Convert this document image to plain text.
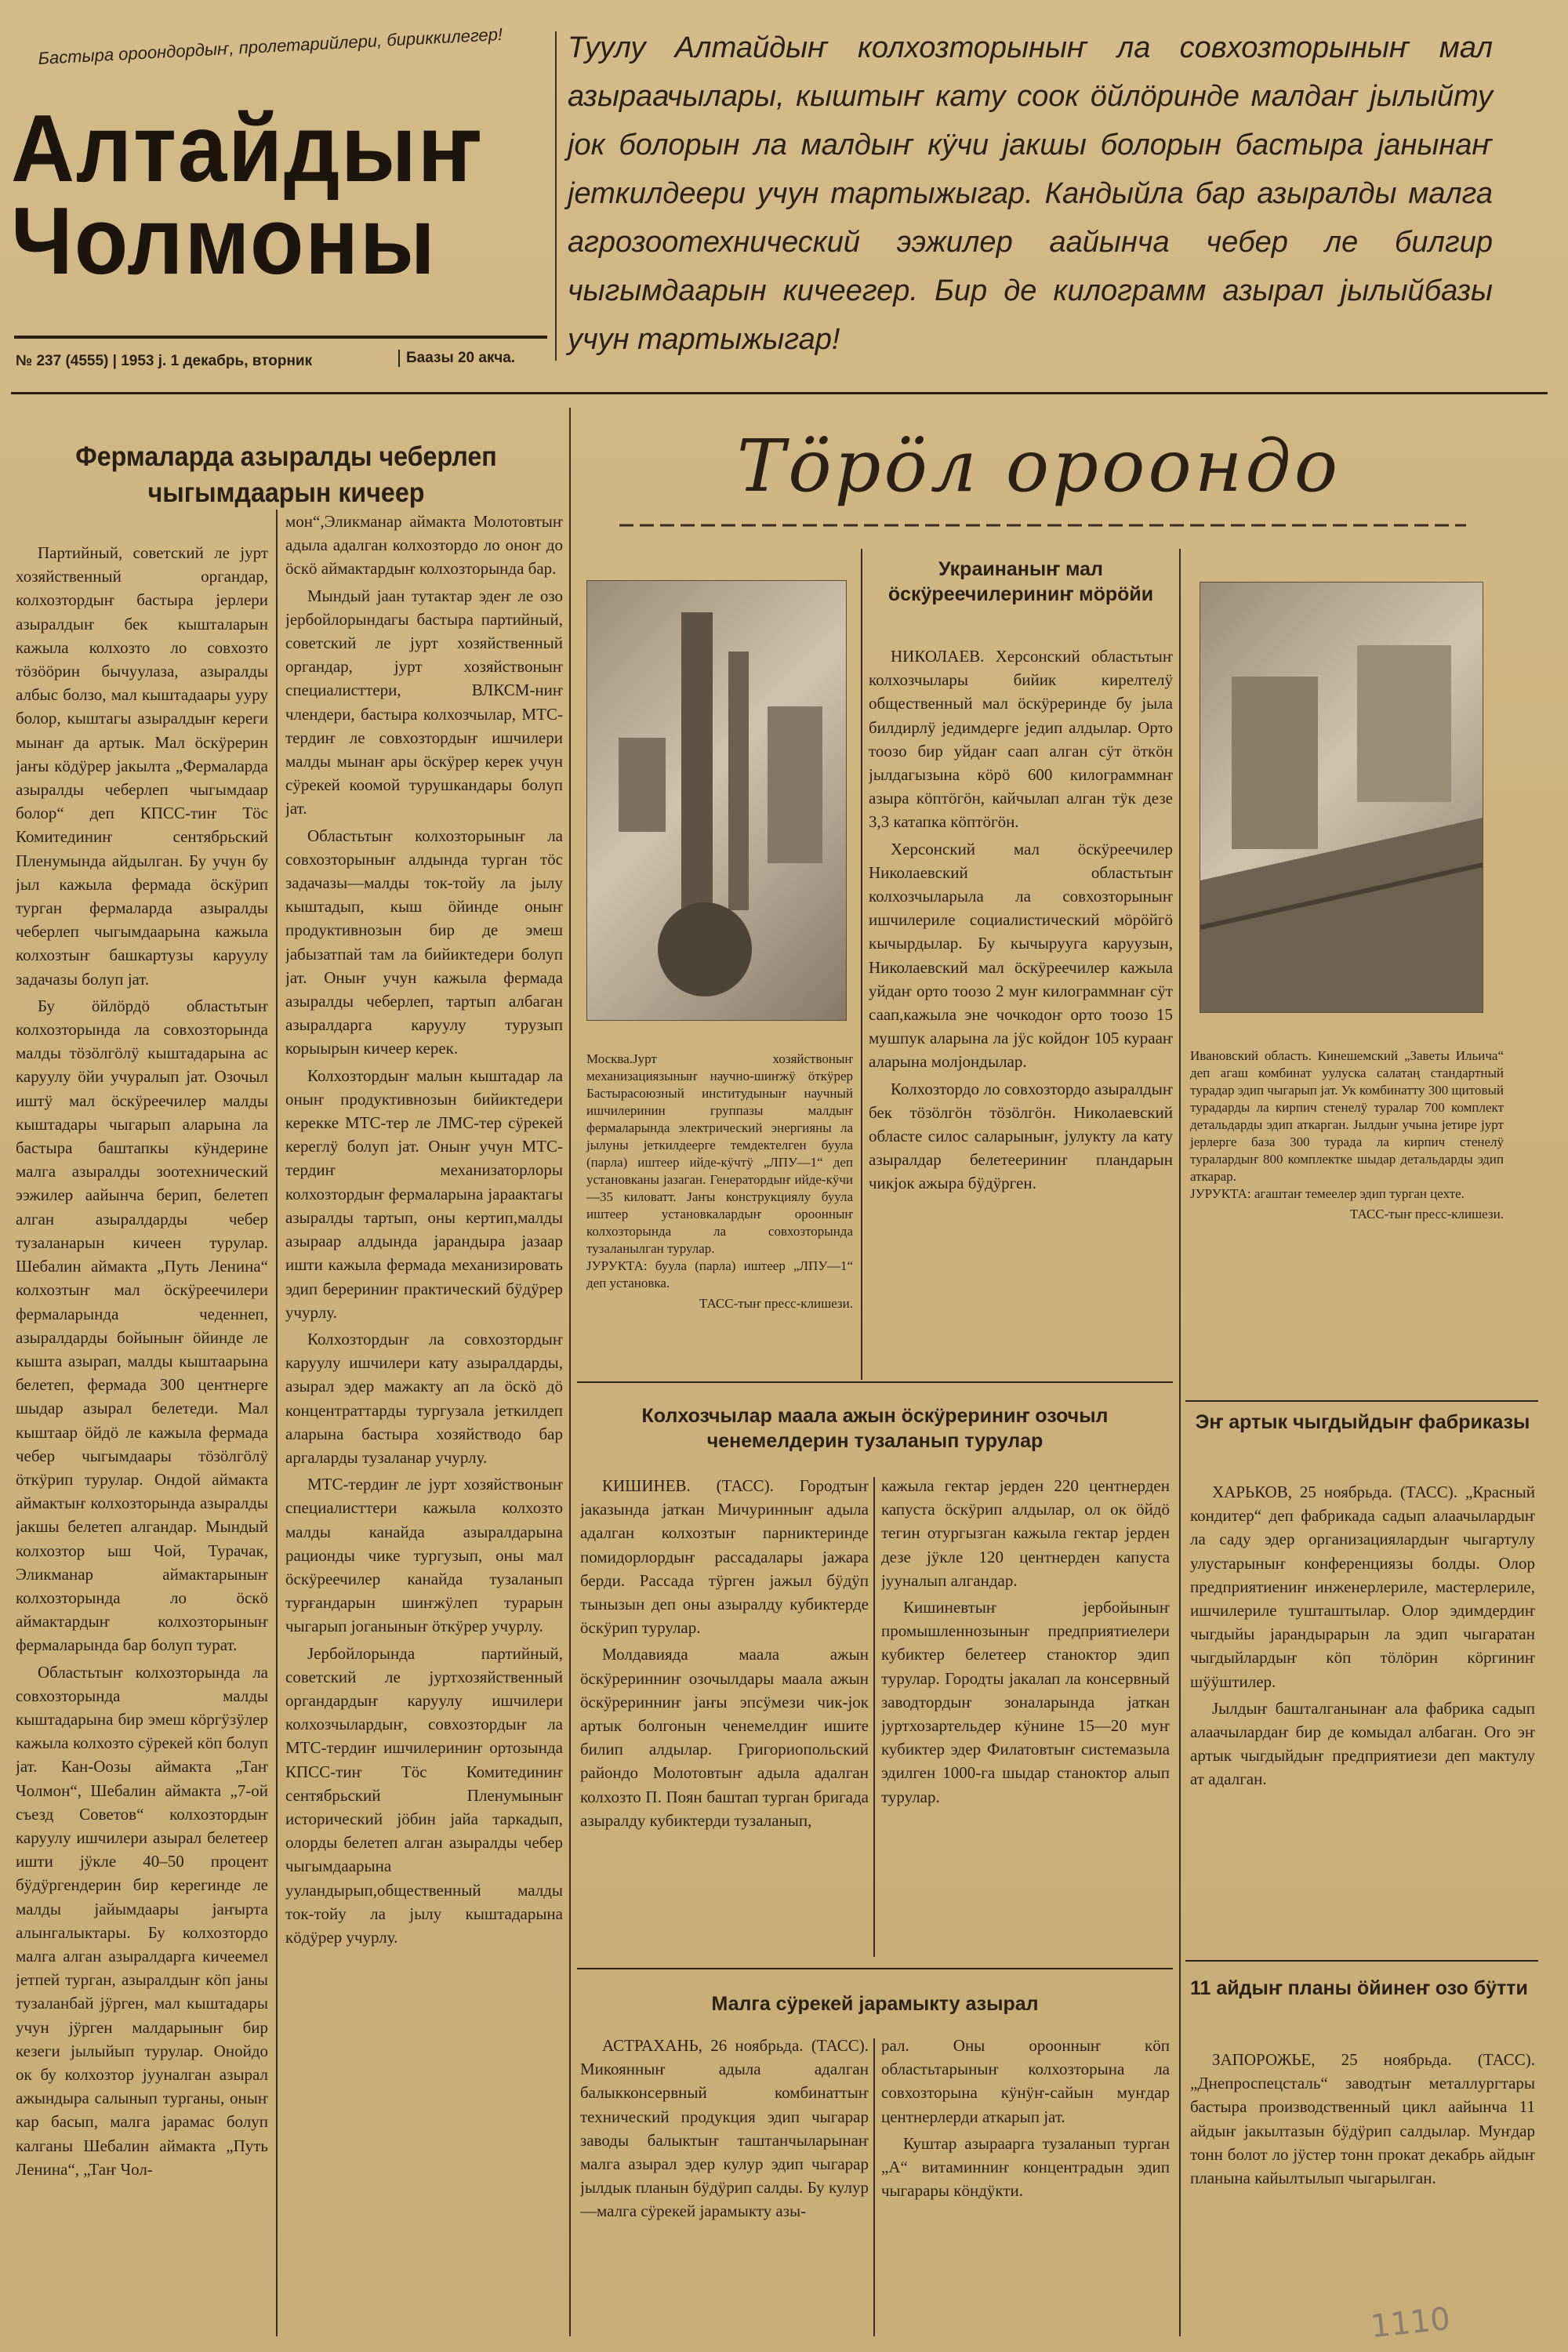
Бастыра ороондордыҥ, пролетарийлери, бириккилегер!
Алтайдыҥ
Чолмоны
№ 237 (4555) | 1953 ј. 1 декабрь, вторник	Баазы 20 акча.
Туулу Алтайдыҥ колхозторыныҥ ла совхозторыныҥ мал азыраачылары, кыштыҥ кату соок ӧйлӧринде малдаҥ јылыйту јок болорын ла малдыҥ кӱчи јакшы болорын бастыра јанынаҥ јеткилдеери учун тартыжыгар. Кандыйла бар азыралды малга агрозоотехнический ээжилер аайынча чебер ле билгир чыгымдаарын кичеегер. Бир де килограмм азырал јылыйбазы учун тартыжыгар!
Фермаларда азыралды чеберлеп чыгымдаарын кичеер

Партийный, советский ле јурт хозяйственный органдар, колхозтордыҥ бастыра јерлери азыралдыҥ бек кышталарын кажыла колхозто ло совхозто тӧзӧӧрин бычуулаза, азыралды албыс болзо, мал кыштадаары ууру болор, кыштагы азыралдыҥ кереги мынаҥ да артык. Мал ӧскӱрерин јаҥы кӧдӱрер јакылта „Фермаларда азыралды чеберлеп чыгымдаар болор“ деп КПСС-тиҥ Тӧс Комитединиҥ сентябрьский Пленумында айдылган. Бу учун бу јыл кажыла фермада ӧскӱрип турган фермаларда азыралды чеберлеп чыгымдаарына кажыла колхозтыҥ башкартузы каруулу задачазы болуп јат.

Бу ӧйлӧрдӧ областьтыҥ колхозторында ла совхозторында малды тӧзӧлгӧлӱ кыштадарына ас каруулу ӧйи учуралып јат. Озочыл иштӱ мал ӧскӱреечилер малды кыштадары чыгарып аларына ла бастыра баштапкы кӱндерине малга азыралды зоотехнический ээжилер аайынча берип, белетеп алган азыралдарды чебер тузаланарын кичеен турулар. Шебалин аймакта „Путь Ленина“ колхозтыҥ мал ӧскӱреечилери фермаларында чеденнеп, азыралдарды бойыныҥ ӧйинде ле кышта азырап, малды кыштаарына белетеп, фермада 300 центнерге шыдар азырал белетеди. Мал кыштаар ӧйдӧ ле кажыла фермада чебер чыгымдаары тӧзӧлгӧлӱ ӧткӱрип турулар. Ондой аймакта аймактыҥ колхозторында азыралды јакшы белетеп алгандар. Мындый колхозтор ыш Чой, Турачак, Эликманар аймактарыныҥ колхозторында ло ӧскӧ аймактардыҥ колхозторыныҥ фермаларында бар болуп турат.

Областьтыҥ колхозторында ла совхозторында малды кыштадарына бир эмеш кӧргӱзӱлер кажыла колхозто сӱрекей кӧп болуп јат. Кан-Оозы аймакта „Таҥ Чолмон“, Шебалин аймакта „7-ой съезд Советов“ колхозтордыҥ каруулу ишчилери азырал белетеер ишти јӱкле 40–50 процент бӱдӱргендерин бир керегинде ле малды јайымдаары јаҥырта алынгалыктары. Бу колхозтордо малга алган азыралдарга кичеемел јетпей турган, азыралдыҥ кӧп јаны тузаланбай јӱрген, мал кыштадары учун јӱрген малдарыныҥ бир кезеги јылыйып турулар. Онойдо ок бу колхозтор јууналган азырал ажындыра салынып турганы, оныҥ кар басып, малга јарамас болуп калганы Шебалин аймакта „Путь Ленина“, „Таҥ Чол-

мон“,Эликманар аймакта Молотовтыҥ адыла адалган колхозтордо ло оноҥ до ӧскӧ аймактардыҥ колхозторында бар.

Мындый јаан тутактар эдеҥ ле озо јербойлорындагы бастыра партийный, советский ле јурт хозяйственный органдар, јурт хозяйствоныҥ специалисттери, ВЛКСМ-ниҥ члендери, бастыра колхозчылар, МТС-тердиҥ ле совхозтордыҥ ишчилери малды мынаҥ ары ӧскӱрер керек учун сӱрекей коомой турушкандары болуп јат.

Областьтыҥ колхозторыныҥ ла совхозторыныҥ алдында турган тӧс задачазы—малды ток-тойу ла јылу кыштадып, кыш ӧйинде оныҥ продуктивнозын бир де эмеш јабызатпай там ла бийиктедери болуп јат. Оныҥ учун кажыла фермада азыралды чеберлеп, тартып албаган азыралдарга каруулу турузып корыырын кичеер керек.

Колхозтордыҥ малын кыштадар ла оныҥ продуктивнозын бийиктедери керекке МТС-тер ле ЛМС-тер сӱрекей кереглӱ болуп јат. Оныҥ учун МТС-тердиҥ механизаторлоры колхозтордыҥ фермаларына јараактагы азыралды тартып, оны кертип,малды азыраар алдында јарандыра јазаар ишти кажыла фермада механизировать эдип берериниҥ практический бӱдӱрер учурлу.

Колхозтордыҥ ла совхозтордыҥ каруулу ишчилери кату азыралдарды, азырал эдер мажакту ап ла ӧскӧ дӧ концентраттарды тургузала јеткилдеп аларына бастыра хозяйстводо бар аргаларды тузаланар учурлу.

МТС-тердиҥ ле јурт хозяйствоныҥ специалисттери кажыла колхозто малды канайда азыралдарына рационды чике тургузып, оны мал ӧскӱреечилер канайда тузаланып турғандарын шиҥжӱлеп турарын чыгарып јоганыныҥ ӧткӱрер учурлу.

Јербойлорында партийный, советский ле јуртхозяйственный органдардыҥ каруулу ишчилери колхозчылардыҥ, совхозтордыҥ ла МТС-тердиҥ ишчилериниҥ ортозында КПСС-тиҥ Тӧс Комитединиҥ сентябрьский Пленумыныҥ исторический јӧбин јайа таркадып, олорды белетеп алган азыралды чебер чыгымдаарына ууландырып,общественный малды ток-тойу ла јылу кыштадарына кӧдӱрер учурлу.

Тӧрӧл ороондо

Москва.Јурт хозяйствоныҥ механизациязыныҥ научно-шиҥжӱ ӧткӱрер Бастырасоюзный институдыныҥ научный ишчилеринин группазы малдыҥ фермаларында электрический энергияны ла јылуны јеткилдеерге темдектелген буула (парла) иштеер ийде-кӱчтӱ „ЛПУ—1“ деп установканы јазаган. Генератордыҥ ийде-кӱчи—35 киловатт. Јаҥы конструкциялу буула иштеер установкалардыҥ ороонныҥ колхозторында ла совхозторында тузаланылган турулар.

ЈУРУКТА: буула (парла) иштеер „ЛПУ—1“ деп установка.

ТАСС-тыҥ пресс-клишези.
Украинаныҥ мал ӧскӱреечилериниҥ мӧрӧйи

НИКОЛАЕВ. Херсонский областьтыҥ колхозчылары бийик кирелтелӱ общественный мал ӧскӱреринде бу јыла билдирлӱ једимдерге једип алдылар. Орто тоозо бир уйдаҥ саап алган сӱт ӧткӧн јылдагызына кӧрӧ 600 килограммнаҥ азыра кӧптӧгӧн, кайчылап алган тӱк дезе 3,3 катапка кӧптӧгӧн.

Херсонский мал ӧскӱреечилер Николаевский областьтыҥ колхозчыларыла ла совхозторыныҥ ишчилериле социалистический мӧрӧйгӧ кычырдылар. Бу кычырууга каруузын, Николаевский мал ӧскӱреечилер кажыла уйдаҥ орто тоозо 2 муҥ килограммнаҥ сӱт саап,кажыла эне чочкодоҥ орто тоозо 15 мушпук аларына ла јӱс койдоҥ 105 курааҥ аларына молјондылар.

Колхозтордо ло совхозтордо азыралдыҥ бек тӧзӧлгӧн тӧзӧлгӧн. Николаевский областе силос саларыныҥ, јулукту ла кату азыралдар белетеериниҥ пландарын чикјок ажыра бӱдӱрген.

Ивановский область. Кинешемский „Заветы Ильича“ деп агаш комбинат уулуска салатаң стандартный турадар эдип чыгарып јат. Ук комбинатту 300 щитовый турадарды ла кирпич стенелӱ туралар 700 комплект детальдарды эдип аткарган. Јылдыҥ учына јетире јурт јерлерге база 300 турада ла кирпич стенелӱ туралардыҥ 800 комплектке шыдар детальдарды эдип аткарар.

ЈУРУКТА: агаштаҥ темеелер эдип турган цехте.

ТАСС-тыҥ пресс-клишези.
Колхозчылар маала ажын ӧскӱрериниҥ озочыл ченемелдерин тузаланып турулар

КИШИНЕВ. (ТАСС). Городтыҥ јаказында јаткан Мичуринныҥ адыла адалган колхозтыҥ парниктеринде помидорлордыҥ рассадалары јажара берди. Рассада тӱрген јажыл бӱдӱп тынызын деп оны азыралду кубиктерде ӧскӱрип турулар.

Молдавияда маала ажын ӧскӱреринниҥ озочылдары маала ажын ӧскӱреринниҥ јаҥы эпсӱмези чик-јок артык болгонын ченемелдиҥ ишите билип алдылар. Григориопольский райондо Молотовтыҥ адыла адалган колхозто П. Поян баштап турган бригада азыралду кубиктерди тузаланып,

кажыла гектар јерден 220 центнерден капуста ӧскӱрип алдылар, ол ок ӧйдӧ тегин отургызган кажыла гектар јерден дезе јӱкле 120 центнерден капуста јууналып алгандар.

Кишиневтыҥ јербойыныҥ промышленнозыныҥ предприятиелери кубиктер белетеер станоктор эдип турулар. Городты јакалап ла консервный заводтордыҥ зоналарында јаткан јуртхозартельдер кӱнине 15—20 муҥ кубиктер эдер Филатовтыҥ системазыла эдилген 1000-га шыдар станоктор алып турулар.

Эҥ артык чыгдыйдыҥ фабриказы

ХАРЬКОВ, 25 ноябрьда. (ТАСС). „Красный кондитер“ деп фабрикада садып алаачылардыҥ ла саду эдер организациялардыҥ чыгартулу улустарыныҥ конференциязы болды. Олор предприятиениҥ инженерлериле, мастерлериле, ишчилериле тушташтылар. Олор эдимдердиҥ чыгдыйы јарандырарын ла эдип чыгаратан чыгдыйлардыҥ кӧп тӧлӧрин кӧргиниҥ шӱӱштилер.

Јылдыҥ башталганынаҥ ала фабрика садып алаачылардаҥ бир де комыдал албаган. Ого эҥ артык чыгдыйдыҥ предприятиези деп мактулу ат адалган.

Малга сӱрекей јарамыкту азырал

АСТРАХАНЬ, 26 ноябрьда. (ТАСС). Микоянныҥ адыла адалган балыкконсервный комбинаттыҥ технический продукция эдип чыгарар заводы балыктыҥ таштанчыларынаҥ малга азырал эдер кулур эдип чыгарар јылдык планын бӱдӱрип салды. Бу кулур—малга сӱрекей јарамыкту азы-

рал. Оны ороонныҥ кӧп областьтарыныҥ колхозторына ла совхозторына кӱнӱҥ-сайын муҥдар центнерлерди аткарып јат.

Куштар азыраарга тузаланып турган „А“ витаминниҥ концентрадын эдип чыгарары кӧндӱкти.

11 айдыҥ планы ӧйинеҥ озо бӱтти

ЗАПОРОЖЬЕ, 25 ноябрьда. (ТАСС). „Днепроспецсталь“ заводтыҥ металлургтары бастыра производственный цикл аайынча 11 айдыҥ јакылтазын бӱдӱрип салдылар. Муҥдар тонн болот ло јӱстер тонн прокат декабрь айдыҥ планына кайылтылып чыгарылган.

1110
